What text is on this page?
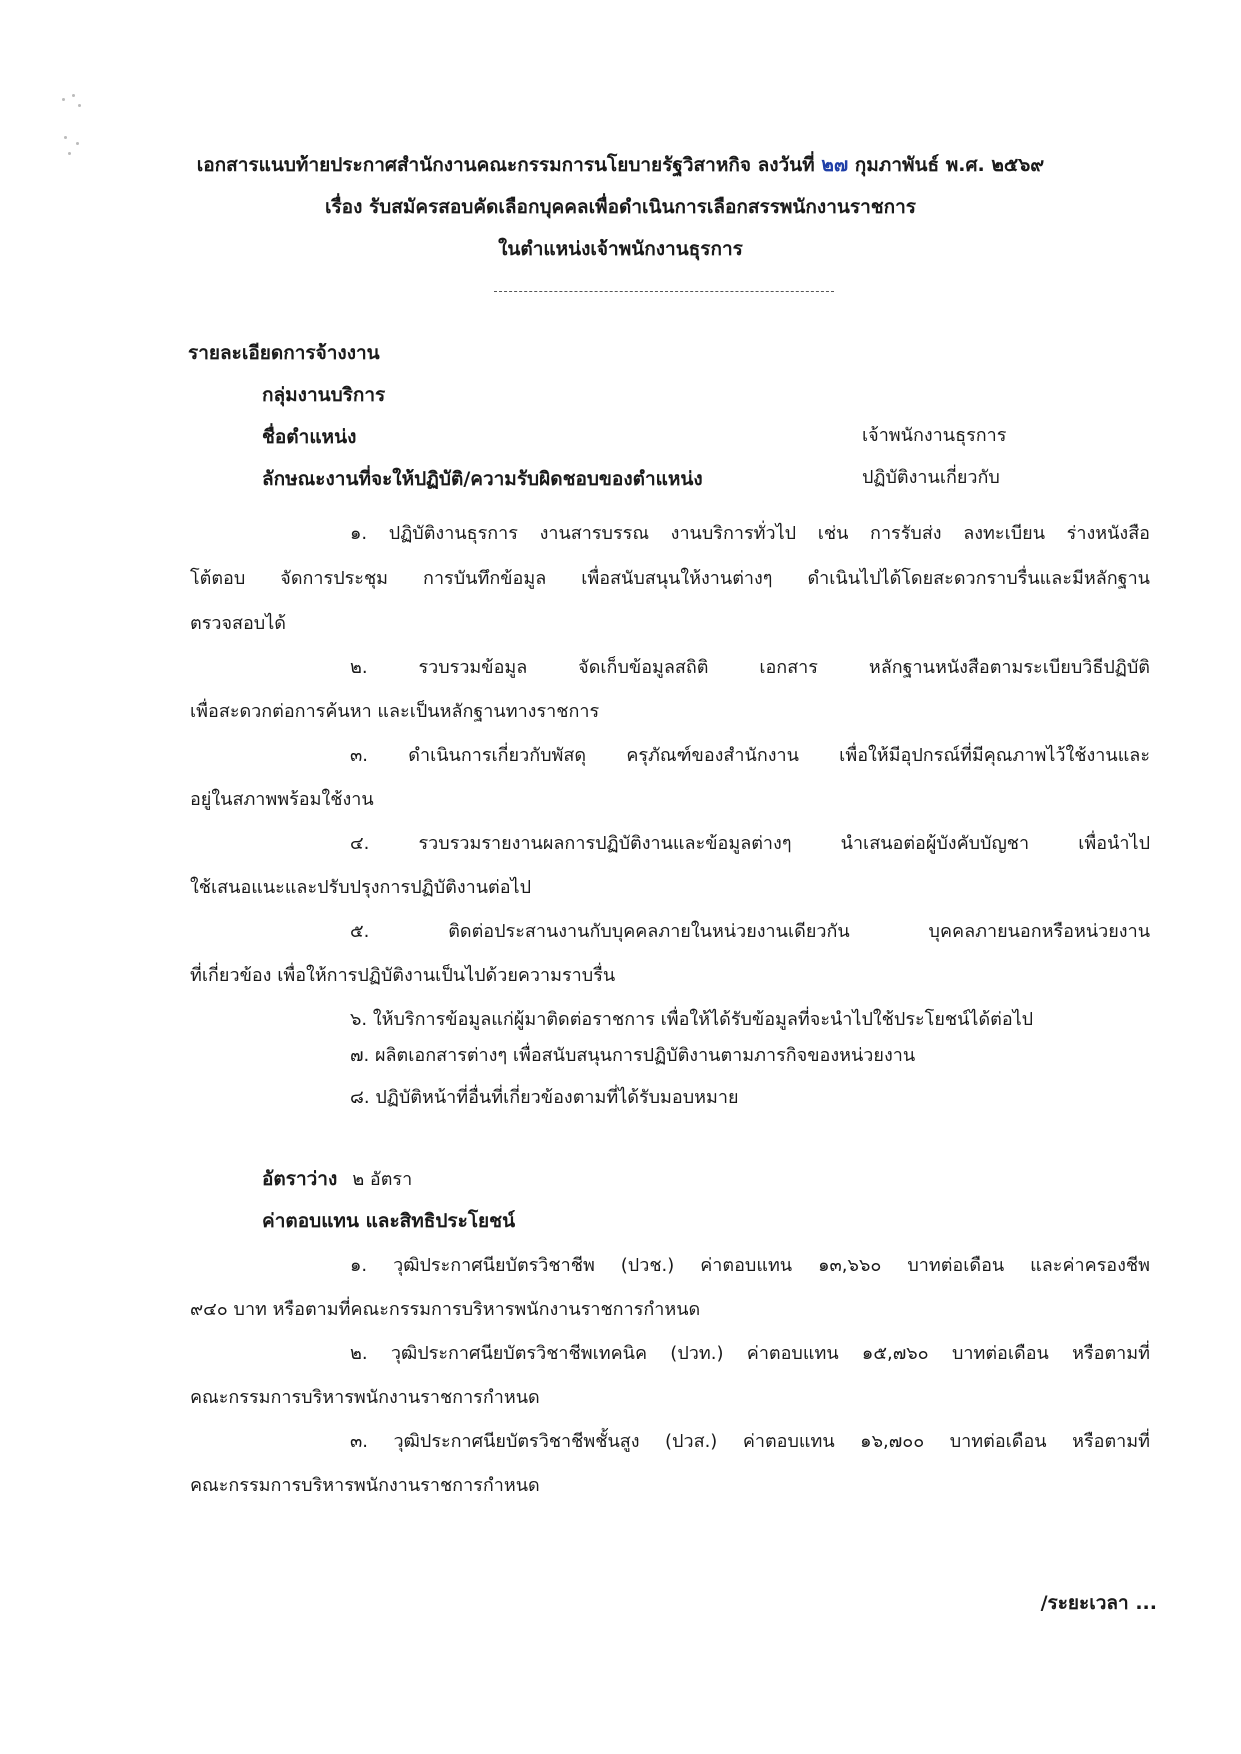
เอกสารแนบท้ายประกาศสำนักงานคณะกรรมการนโยบายรัฐวิสาหกิจ ลงวันที่ ๒๗ กุมภาพันธ์ พ.ศ. ๒๕๖๙
เรื่อง รับสมัครสอบคัดเลือกบุคคลเพื่อดำเนินการเลือกสรรพนักงานราชการ
ในตำแหน่งเจ้าพนักงานธุรการ
รายละเอียดการจ้างงาน
กลุ่มงานบริการ
ชื่อตำแหน่ง	เจ้าพนักงานธุรการ
ลักษณะงานที่จะให้ปฏิบัติ/ความรับผิดชอบของตำแหน่ง	ปฏิบัติงานเกี่ยวกับ
๑. ปฏิบัติงานธุรการ งานสารบรรณ งานบริการทั่วไป เช่น การรับส่ง ลงทะเบียน ร่างหนังสือ
โต้ตอบ จัดการประชุม การบันทึกข้อมูล เพื่อสนับสนุนให้งานต่างๆ ดำเนินไปได้โดยสะดวกราบรื่นและมีหลักฐาน
ตรวจสอบได้
๒. รวบรวมข้อมูล จัดเก็บข้อมูลสถิติ เอกสาร หลักฐานหนังสือตามระเบียบวิธีปฏิบัติ
เพื่อสะดวกต่อการค้นหา และเป็นหลักฐานทางราชการ
๓. ดำเนินการเกี่ยวกับพัสดุ ครุภัณฑ์ของสำนักงาน เพื่อให้มีอุปกรณ์ที่มีคุณภาพไว้ใช้งานและ
อยู่ในสภาพพร้อมใช้งาน
๔. รวบรวมรายงานผลการปฏิบัติงานและข้อมูลต่างๆ นำเสนอต่อผู้บังคับบัญชา เพื่อนำไป
ใช้เสนอแนะและปรับปรุงการปฏิบัติงานต่อไป
๕. ติดต่อประสานงานกับบุคคลภายในหน่วยงานเดียวกัน บุคคลภายนอกหรือหน่วยงาน
ที่เกี่ยวข้อง เพื่อให้การปฏิบัติงานเป็นไปด้วยความราบรื่น
๖. ให้บริการข้อมูลแก่ผู้มาติดต่อราชการ เพื่อให้ได้รับข้อมูลที่จะนำไปใช้ประโยชน์ได้ต่อไป
๗. ผลิตเอกสารต่างๆ เพื่อสนับสนุนการปฏิบัติงานตามภารกิจของหน่วยงาน
๘. ปฏิบัติหน้าที่อื่นที่เกี่ยวข้องตามที่ได้รับมอบหมาย
อัตราว่าง ๒ อัตรา
ค่าตอบแทน และสิทธิประโยชน์
๑. วุฒิประกาศนียบัตรวิชาชีพ (ปวช.) ค่าตอบแทน ๑๓,๖๖๐ บาทต่อเดือน และค่าครองชีพ
๙๔๐ บาท หรือตามที่คณะกรรมการบริหารพนักงานราชการกำหนด
๒. วุฒิประกาศนียบัตรวิชาชีพเทคนิค (ปวท.) ค่าตอบแทน ๑๕,๗๖๐ บาทต่อเดือน หรือตามที่
คณะกรรมการบริหารพนักงานราชการกำหนด
๓. วุฒิประกาศนียบัตรวิชาชีพชั้นสูง (ปวส.) ค่าตอบแทน ๑๖,๗๐๐ บาทต่อเดือน หรือตามที่
คณะกรรมการบริหารพนักงานราชการกำหนด
/ระยะเวลา ...
